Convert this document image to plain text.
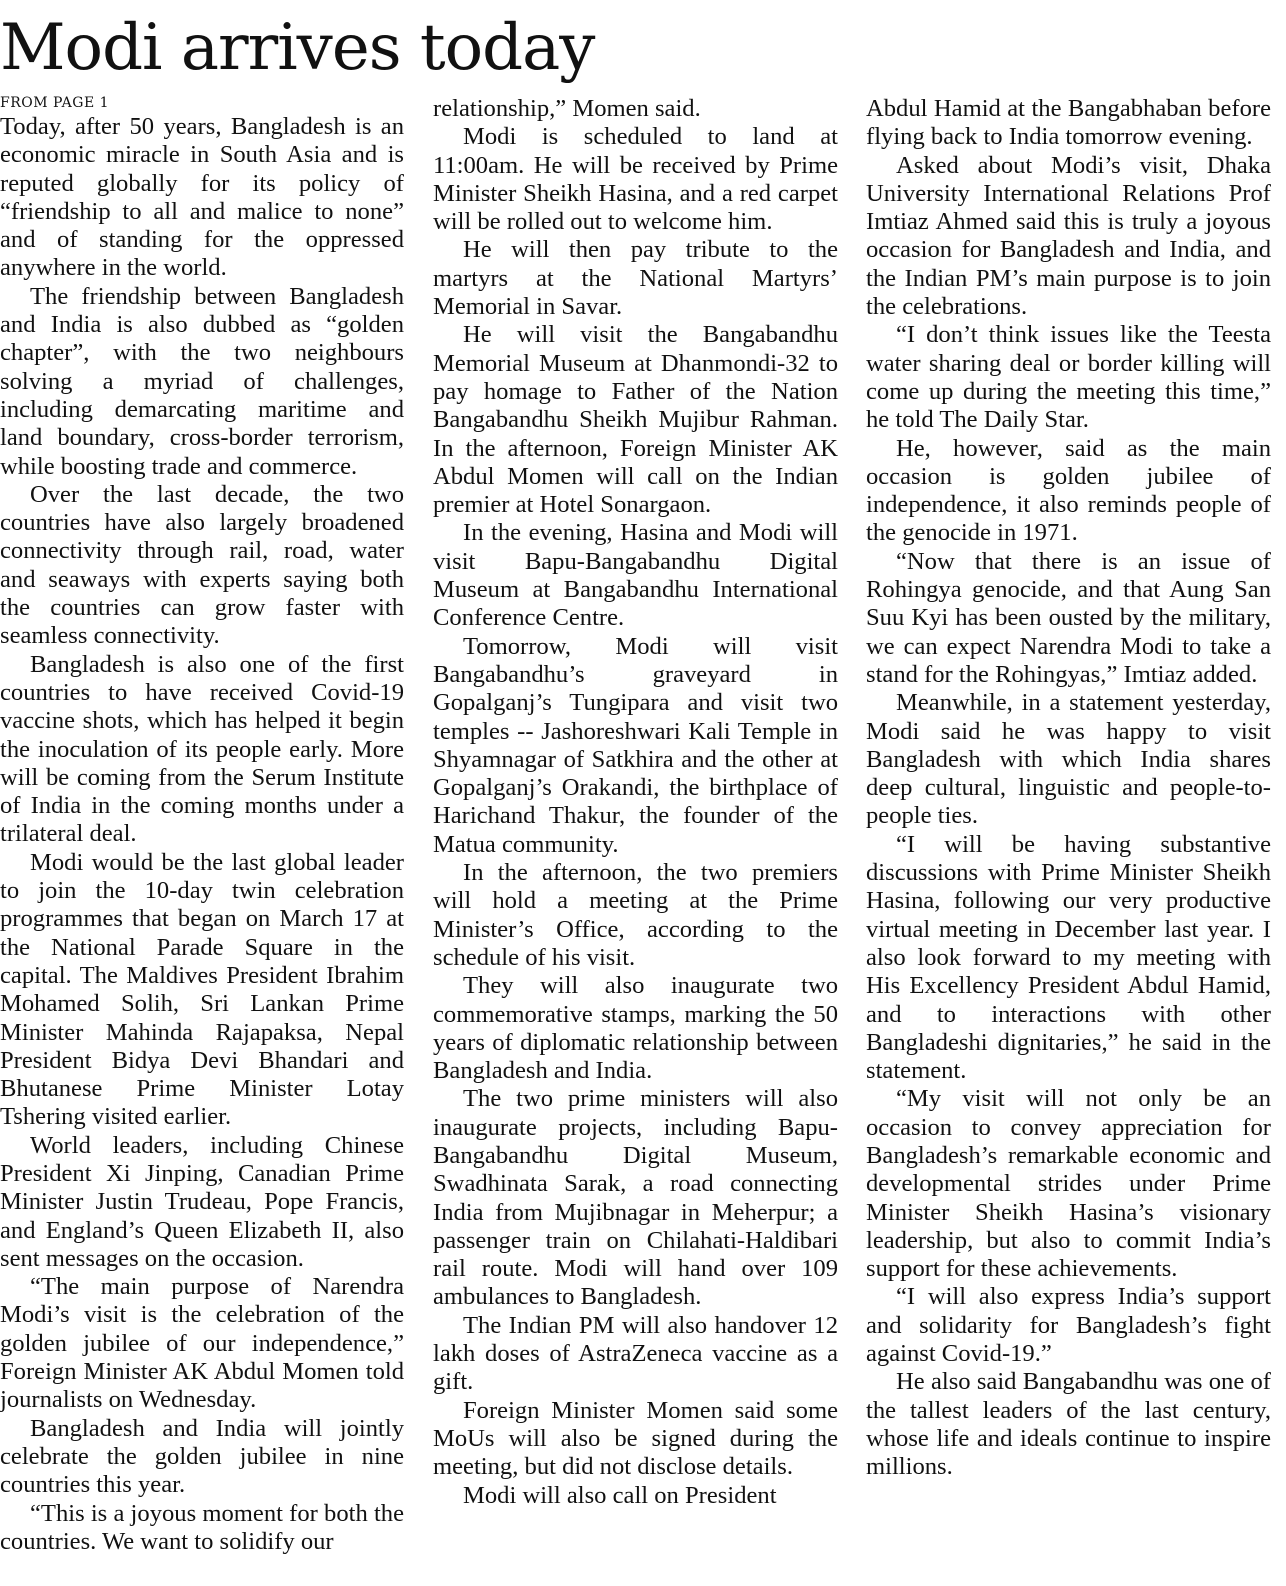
Modi arrives today
FROM PAGE 1

Today, after 50 years, Bangladesh is an economic miracle in South Asia and is reputed globally for its policy of “friendship to all and malice to none” and of standing for the oppressed anywhere in the world.

The friendship between Bangladesh and India is also dubbed as “golden chapter”, with the two neighbours solving a myriad of challenges, including demarcating maritime and land boundary, cross-border terrorism, while boosting trade and commerce.

Over the last decade, the two countries have also largely broadened connectivity through rail, road, water and seaways with experts saying both the countries can grow faster with seamless connectivity.

Bangladesh is also one of the first countries to have received Covid-19 vaccine shots, which has helped it begin the inoculation of its people early. More will be coming from the Serum Institute of India in the coming months under a trilateral deal.

Modi would be the last global leader to join the 10-day twin celebration programmes that began on March 17 at the National Parade Square in the capital. The Maldives President Ibrahim Mohamed Solih, Sri Lankan Prime Minister Mahinda Rajapaksa, Nepal President Bidya Devi Bhandari and Bhutanese Prime Minister Lotay Tshering visited earlier.

World leaders, including Chinese President Xi Jinping, Canadian Prime Minister Justin Trudeau, Pope Francis, and England’s Queen Elizabeth II, also sent messages on the occasion.

“The main purpose of Narendra Modi’s visit is the celebration of the golden jubilee of our independence,” Foreign Minister AK Abdul Momen told journalists on Wednesday.

Bangladesh and India will jointly celebrate the golden jubilee in nine countries this year.

“This is a joyous moment for both the countries. We want to solidify our

relationship,” Momen said.

Modi is scheduled to land at 11:00am. He will be received by Prime Minister Sheikh Hasina, and a red carpet will be rolled out to welcome him.

He will then pay tribute to the martyrs at the National Martyrs’ Memorial in Savar.

He will visit the Bangabandhu Memorial Museum at Dhanmondi-32 to pay homage to Father of the Nation Bangabandhu Sheikh Mujibur Rahman. In the afternoon, Foreign Minister AK Abdul Momen will call on the Indian premier at Hotel Sonargaon.

In the evening, Hasina and Modi will visit Bapu-Bangabandhu Digital Museum at Bangabandhu International Conference Centre.

Tomorrow, Modi will visit Bangabandhu’s graveyard in Gopalganj’s Tungipara and visit two temples -- Jashoreshwari Kali Temple in Shyamnagar of Satkhira and the other at Gopalganj’s Orakandi, the birthplace of Harichand Thakur, the founder of the Matua community.

In the afternoon, the two premiers will hold a meeting at the Prime Minister’s Office, according to the schedule of his visit.

They will also inaugurate two commemorative stamps, marking the 50 years of diplomatic relationship between Bangladesh and India.

The two prime ministers will also inaugurate projects, including Bapu-Bangabandhu Digital Museum, Swadhinata Sarak, a road connecting India from Mujibnagar in Meherpur; a passenger train on Chilahati-Haldibari rail route. Modi will hand over 109 ambulances to Bangladesh.

The Indian PM will also handover 12 lakh doses of AstraZeneca vaccine as a gift.

Foreign Minister Momen said some MoUs will also be signed during the meeting, but did not disclose details.

Modi will also call on President

Abdul Hamid at the Bangabhaban before flying back to India tomorrow evening.

Asked about Modi’s visit, Dhaka University International Relations Prof Imtiaz Ahmed said this is truly a joyous occasion for Bangladesh and India, and the Indian PM’s main purpose is to join the celebrations.

“I don’t think issues like the Teesta water sharing deal or border killing will come up during the meeting this time,” he told The Daily Star.

He, however, said as the main occasion is golden jubilee of independence, it also reminds people of the genocide in 1971.

“Now that there is an issue of Rohingya genocide, and that Aung San Suu Kyi has been ousted by the military, we can expect Narendra Modi to take a stand for the Rohingyas,” Imtiaz added.

Meanwhile, in a statement yesterday, Modi said he was happy to visit Bangladesh with which India shares deep cultural, linguistic and people-to-people ties.

“I will be having substantive discussions with Prime Minister Sheikh Hasina, following our very productive virtual meeting in December last year. I also look forward to my meeting with His Excellency President Abdul Hamid, and to interactions with other Bangladeshi dignitaries,” he said in the statement.

“My visit will not only be an occasion to convey appreciation for Bangladesh’s remarkable economic and developmental strides under Prime Minister Sheikh Hasina’s visionary leadership, but also to commit India’s support for these achievements.

“I will also express India’s support and solidarity for Bangladesh’s fight against Covid-19.”

He also said Bangabandhu was one of the tallest leaders of the last century, whose life and ideals continue to inspire millions.
